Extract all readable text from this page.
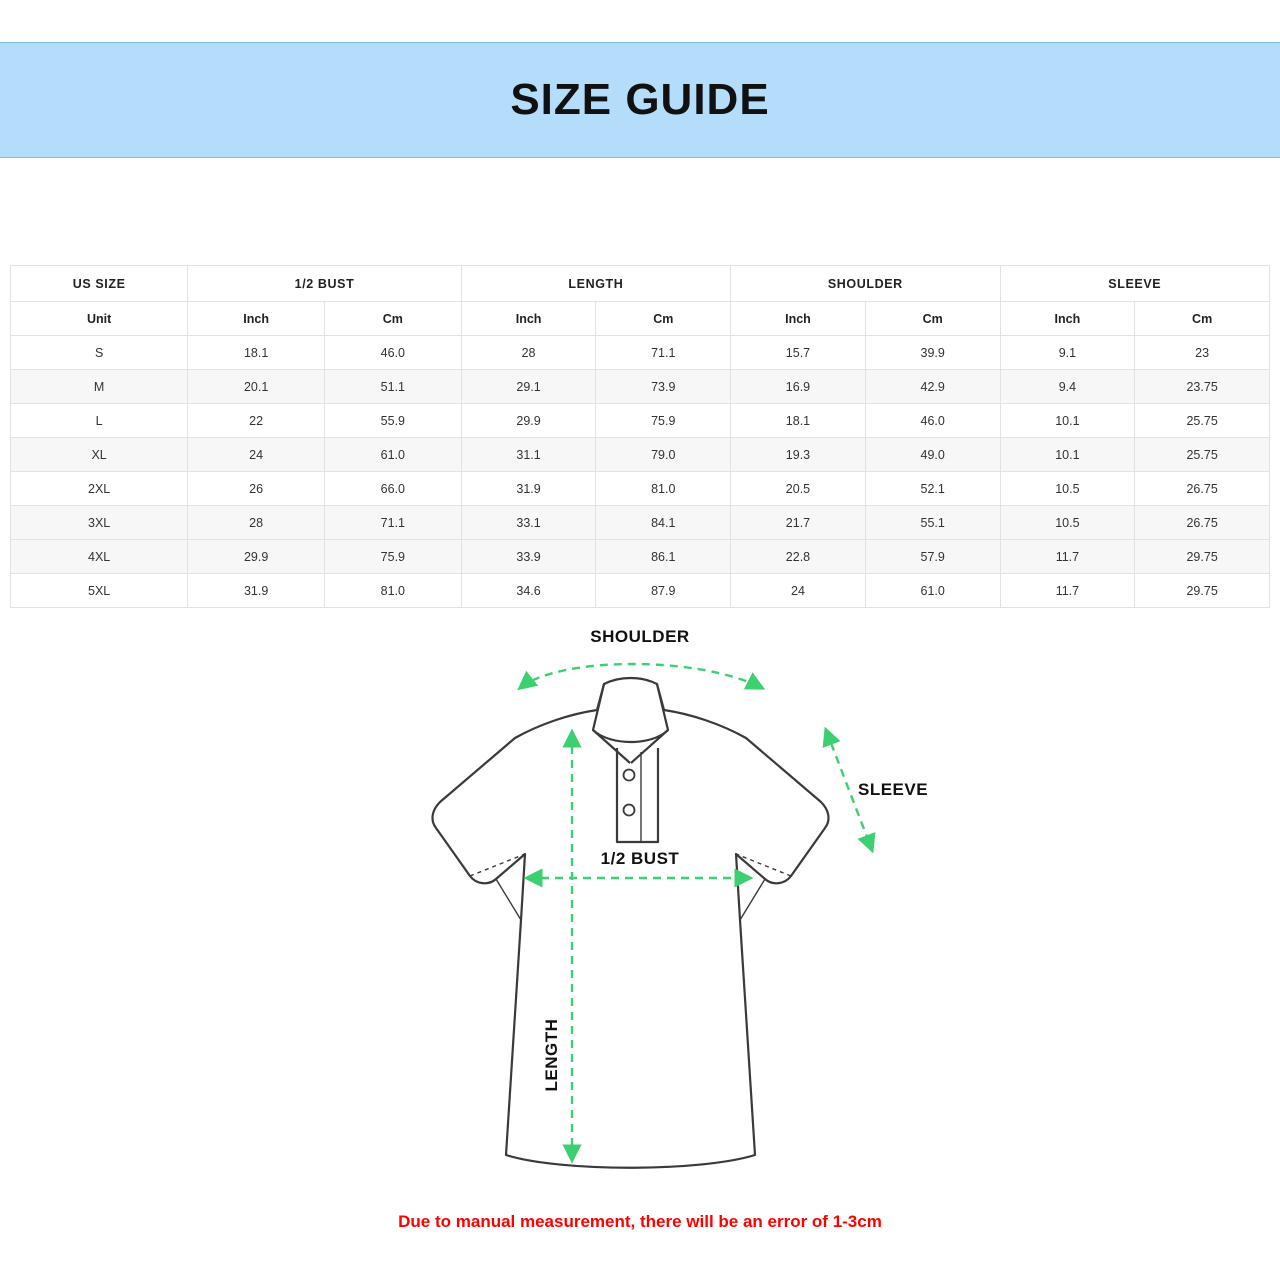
SIZE GUIDE
US SIZE	1/2 BUST		LENGTH		SHOULDER		SLEEVE	
Unit	Inch	Cm	Inch	Cm	Inch	Cm	Inch	Cm
S	18.1	46.0	28	71.1	15.7	39.9	9.1	23
M	20.1	51.1	29.1	73.9	16.9	42.9	9.4	23.75
L	22	55.9	29.9	75.9	18.1	46.0	10.1	25.75
XL	24	61.0	31.1	79.0	19.3	49.0	10.1	25.75
2XL	26	66.0	31.9	81.0	20.5	52.1	10.5	26.75
3XL	28	71.1	33.1	84.1	21.7	55.1	10.5	26.75
4XL	29.9	75.9	33.9	86.1	22.8	57.9	11.7	29.75
5XL	31.9	81.0	34.6	87.9	24	61.0	11.7	29.75
SHOULDER
SLEEVE
1/2 BUST
LENGTH
Due to manual measurement, there will be an error of 1-3cm
